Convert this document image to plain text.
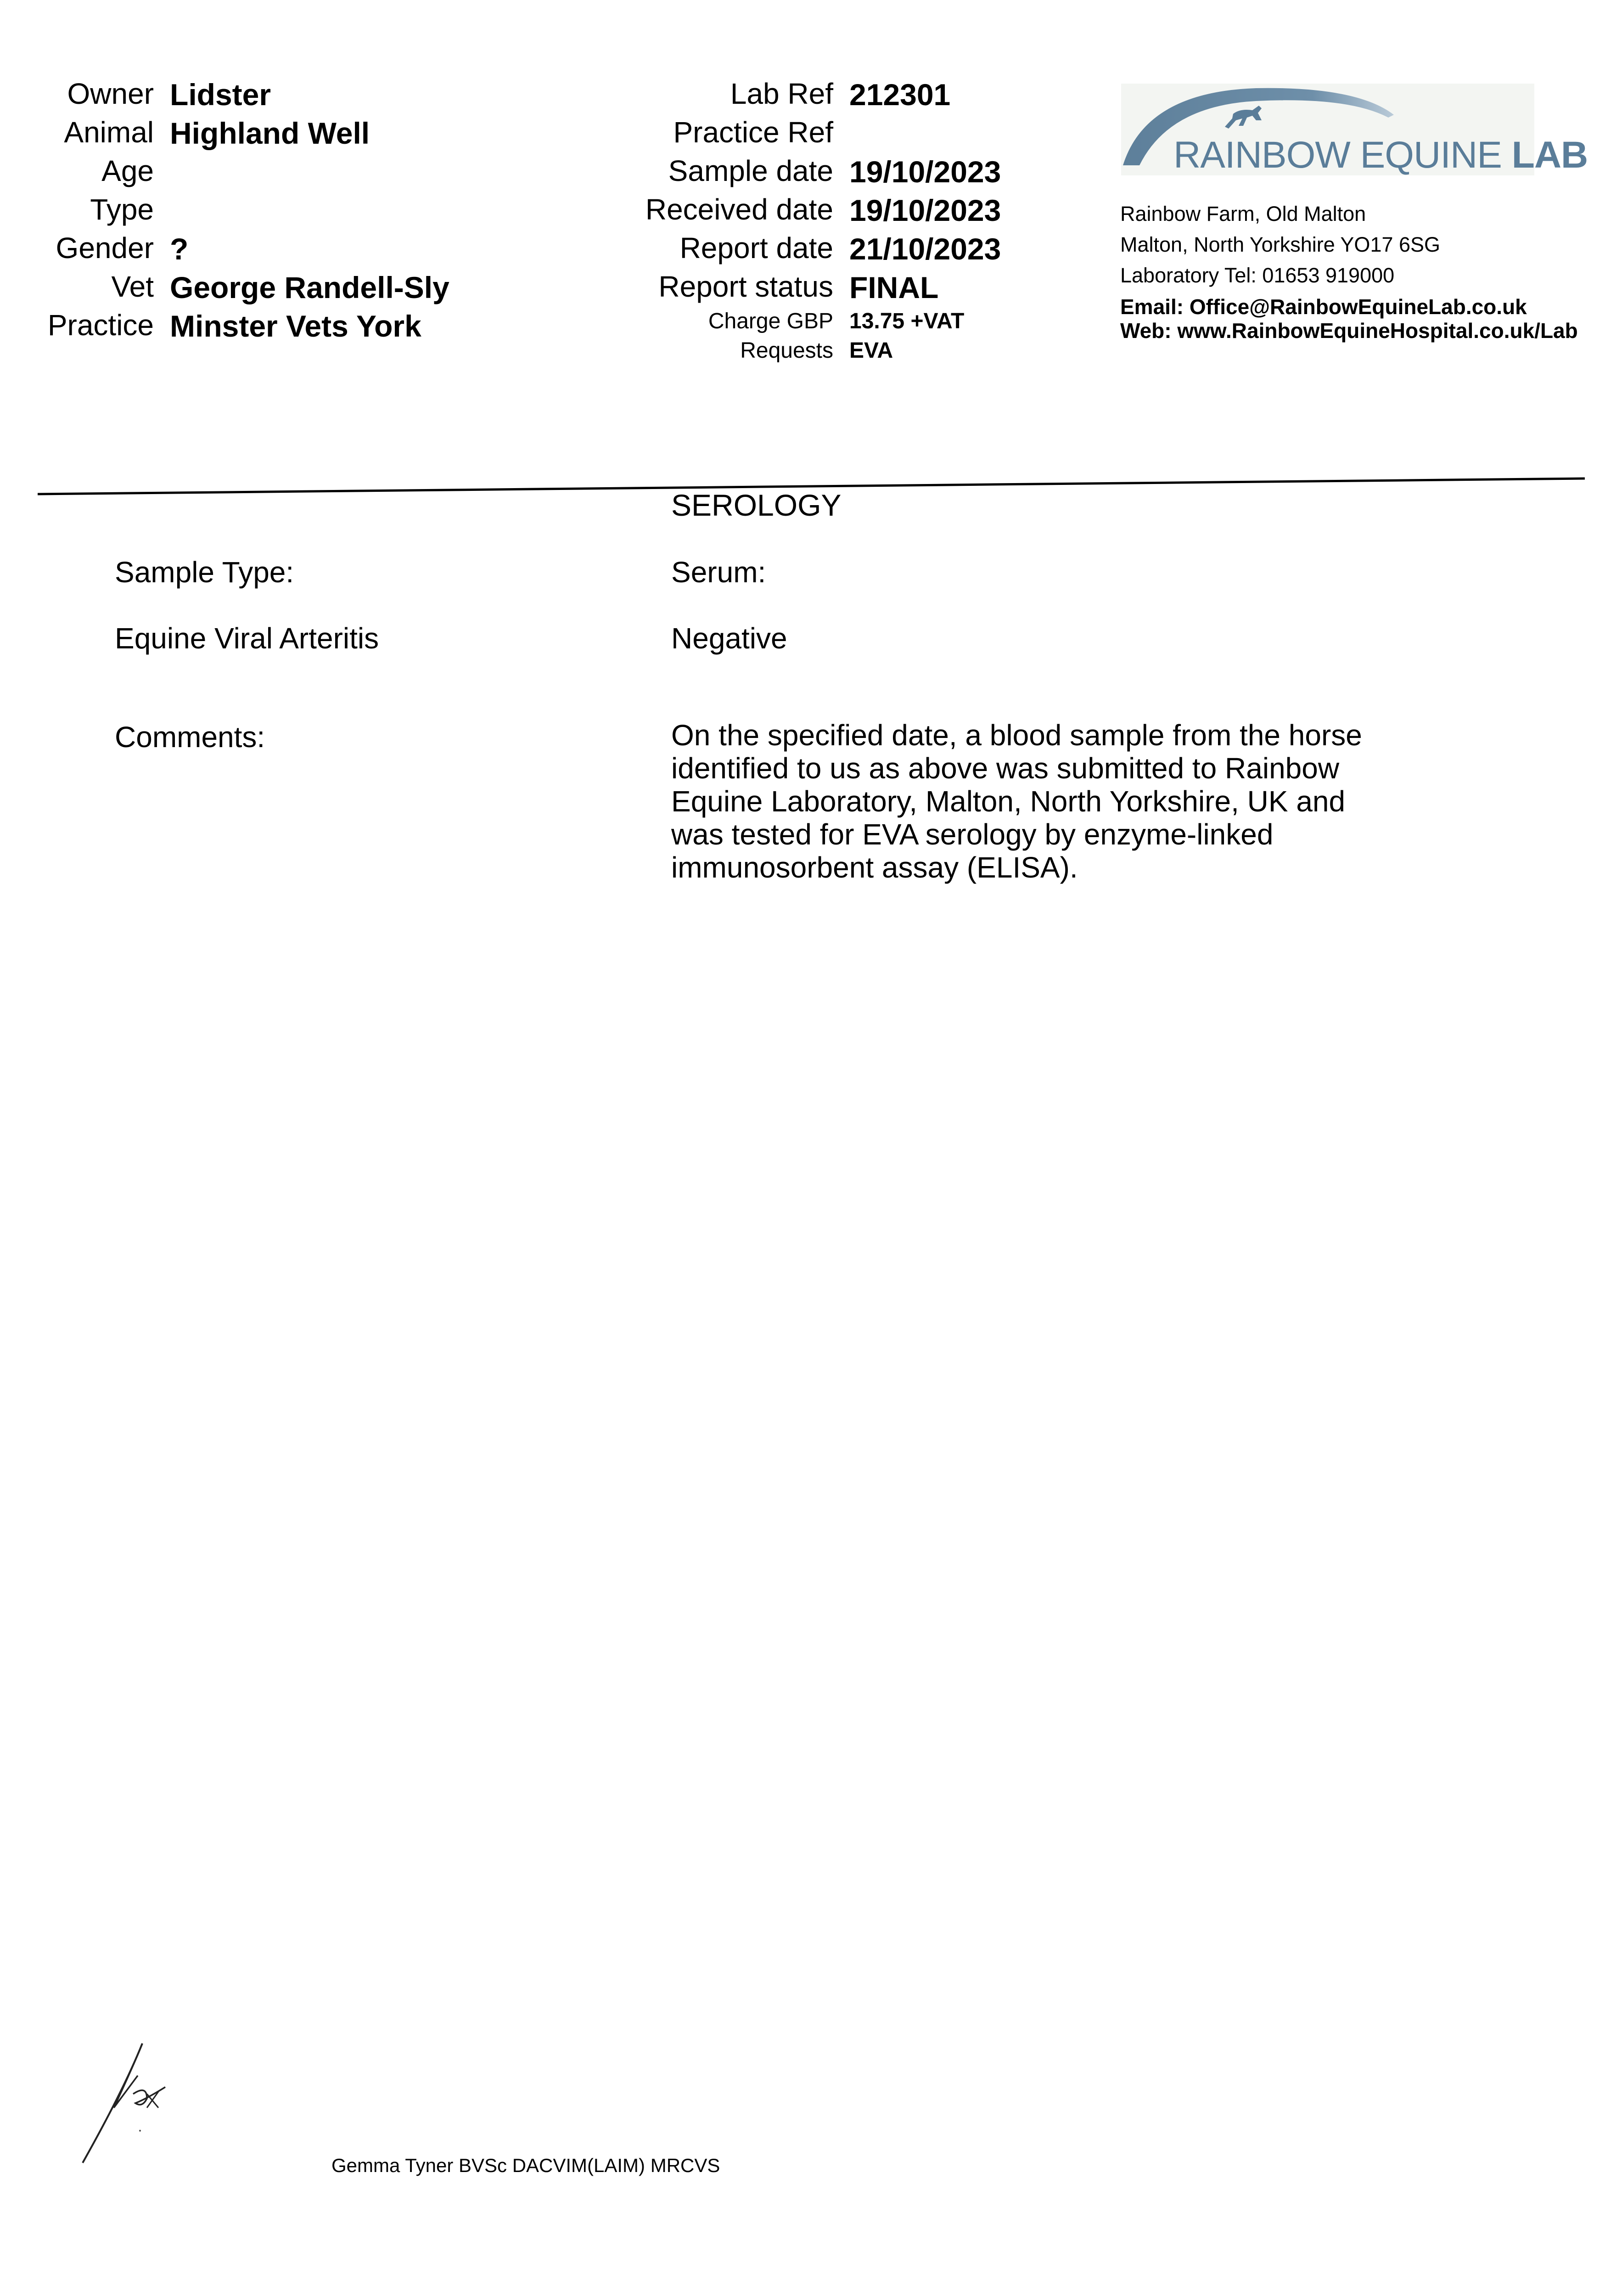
Owner Lidster
Animal Highland Well
Age
Type
Gender ?
Vet George Randell-Sly
Practice Minster Vets York
Lab Ref 212301
Practice Ref
Sample date 19/10/2023
Received date 19/10/2023
Report date 21/10/2023
Report status FINAL
Charge GBP 13.75 +VAT
Requests EVA
RAINBOW EQUINE LAB
Rainbow Farm, Old Malton
Malton, North Yorkshire YO17 6SG
Laboratory Tel: 01653 919000
Email: Office@RainbowEquineLab.co.uk
Web: www.RainbowEquineHospital.co.uk/Lab
SEROLOGY
Sample Type:	Serum:
Equine Viral Arteritis	Negative
Comments:	On the specified date, a blood sample from the horse identified to us as above was submitted to Rainbow Equine Laboratory, Malton, North Yorkshire, UK and was tested for EVA serology by enzyme-linked immunosorbent assay (ELISA).
Gemma Tyner BVSc DACVIM(LAIM) MRCVS
